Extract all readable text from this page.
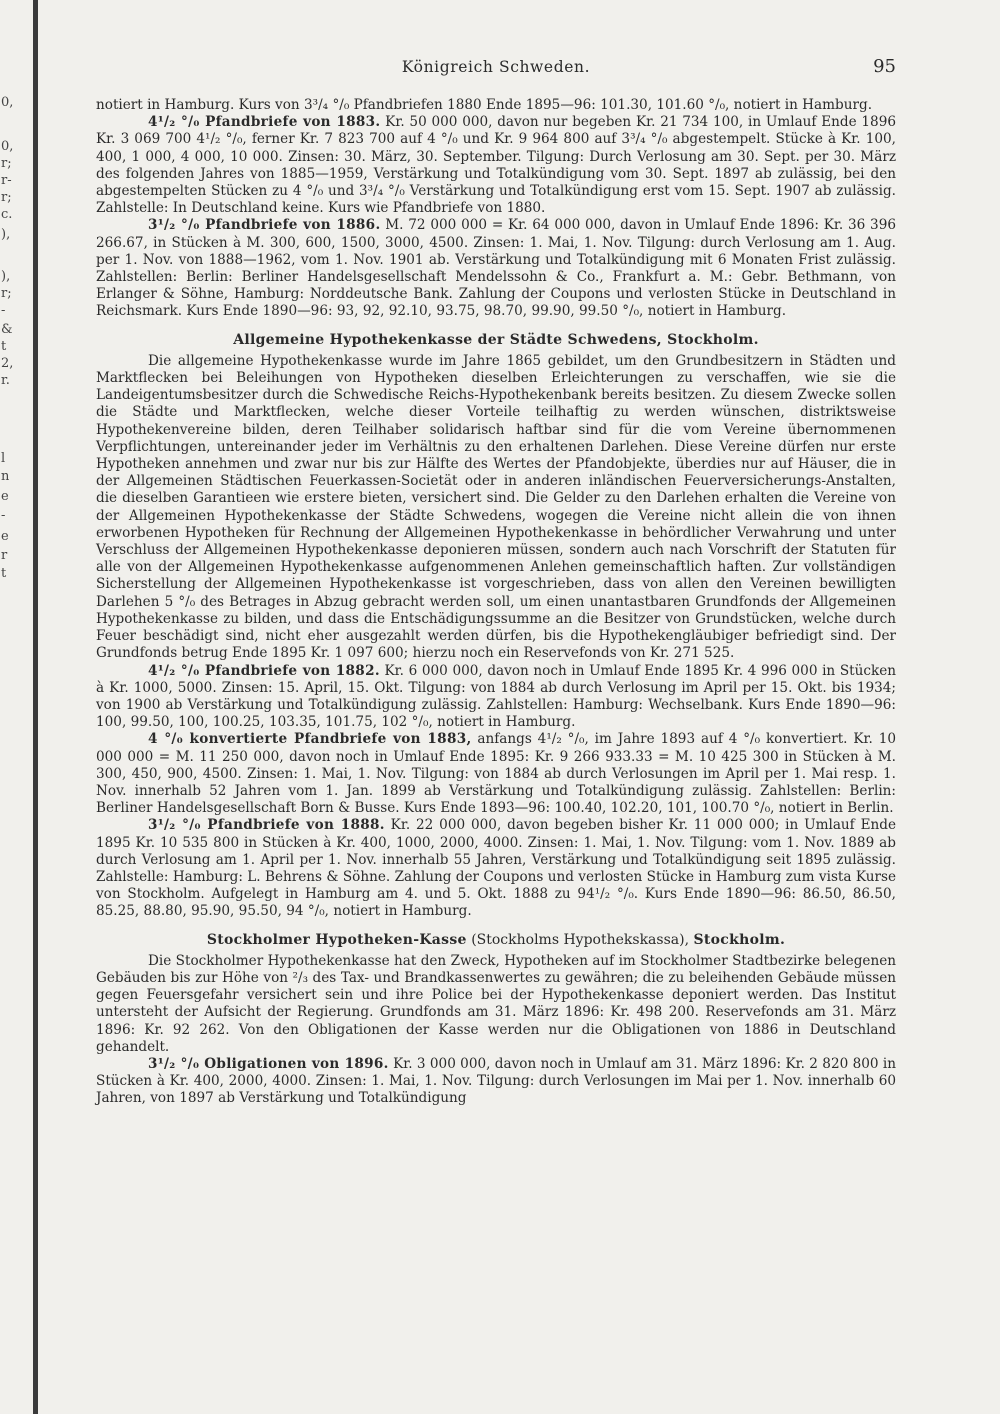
0,
0,
r;
r-
r;
c.
),
),
r;
-
&
t
2,
r.
l
n
e
-
e
r
t
Königreich Schweden.	95

notiert in Hamburg. Kurs von 3³/₄ °/₀ Pfandbriefen 1880 Ende 1895—96: 101.30, 101.60 °/₀, notiert in Hamburg.

4¹/₂ °/₀ Pfandbriefe von 1883. Kr. 50 000 000, davon nur begeben Kr. 21 734 100, in Umlauf Ende 1896 Kr. 3 069 700 4¹/₂ °/₀, ferner Kr. 7 823 700 auf 4 °/₀ und Kr. 9 964 800 auf 3³/₄ °/₀ abgestempelt. Stücke à Kr. 100, 400, 1 000, 4 000, 10 000. Zinsen: 30. März, 30. September. Tilgung: Durch Verlosung am 30. Sept. per 30. März des folgenden Jahres von 1885—1959, Verstärkung und Totalkündigung vom 30. Sept. 1897 ab zulässig, bei den abgestempelten Stücken zu 4 °/₀ und 3³/₄ °/₀ Verstärkung und Totalkündigung erst vom 15. Sept. 1907 ab zulässig. Zahlstelle: In Deutschland keine. Kurs wie Pfandbriefe von 1880.

3¹/₂ °/₀ Pfandbriefe von 1886. M. 72 000 000 = Kr. 64 000 000, davon in Umlauf Ende 1896: Kr. 36 396 266.67, in Stücken à M. 300, 600, 1500, 3000, 4500. Zinsen: 1. Mai, 1. Nov. Tilgung: durch Verlosung am 1. Aug. per 1. Nov. von 1888—1962, vom 1. Nov. 1901 ab. Verstärkung und Totalkündigung mit 6 Monaten Frist zulässig. Zahlstellen: Berlin: Berliner Handelsgesellschaft Mendelssohn & Co., Frankfurt a. M.: Gebr. Bethmann, von Erlanger & Söhne, Hamburg: Norddeutsche Bank. Zahlung der Coupons und verlosten Stücke in Deutschland in Reichsmark. Kurs Ende 1890—96: 93, 92, 92.10, 93.75, 98.70, 99.90, 99.50 °/₀, notiert in Hamburg.

Allgemeine Hypothekenkasse der Städte Schwedens, Stockholm.

Die allgemeine Hypothekenkasse wurde im Jahre 1865 gebildet, um den Grundbesitzern in Städten und Marktflecken bei Beleihungen von Hypotheken dieselben Erleichterungen zu verschaffen, wie sie die Landeigentumsbesitzer durch die Schwedische Reichs-Hypothekenbank bereits besitzen. Zu diesem Zwecke sollen die Städte und Marktflecken, welche dieser Vorteile teilhaftig zu werden wünschen, distriktsweise Hypothekenvereine bilden, deren Teilhaber solidarisch haftbar sind für die vom Vereine übernommenen Verpflichtungen, untereinander jeder im Verhältnis zu den erhaltenen Darlehen. Diese Vereine dürfen nur erste Hypotheken annehmen und zwar nur bis zur Hälfte des Wertes der Pfandobjekte, überdies nur auf Häuser, die in der Allgemeinen Städtischen Feuerkassen-Societät oder in anderen inländischen Feuerversicherungs-Anstalten, die dieselben Garantieen wie erstere bieten, versichert sind. Die Gelder zu den Darlehen erhalten die Vereine von der Allgemeinen Hypothekenkasse der Städte Schwedens, wogegen die Vereine nicht allein die von ihnen erworbenen Hypotheken für Rechnung der Allgemeinen Hypothekenkasse in behördlicher Verwahrung und unter Verschluss der Allgemeinen Hypothekenkasse deponieren müssen, sondern auch nach Vorschrift der Statuten für alle von der Allgemeinen Hypothekenkasse aufgenommenen Anlehen gemeinschaftlich haften. Zur vollständigen Sicherstellung der Allgemeinen Hypothekenkasse ist vorgeschrieben, dass von allen den Vereinen bewilligten Darlehen 5 °/₀ des Betrages in Abzug gebracht werden soll, um einen unantastbaren Grundfonds der Allgemeinen Hypothekenkasse zu bilden, und dass die Entschädigungssumme an die Besitzer von Grundstücken, welche durch Feuer beschädigt sind, nicht eher ausgezahlt werden dürfen, bis die Hypothekengläubiger befriedigt sind. Der Grundfonds betrug Ende 1895 Kr. 1 097 600; hierzu noch ein Reservefonds von Kr. 271 525.

4¹/₂ °/₀ Pfandbriefe von 1882. Kr. 6 000 000, davon noch in Umlauf Ende 1895 Kr. 4 996 000 in Stücken à Kr. 1000, 5000. Zinsen: 15. April, 15. Okt. Tilgung: von 1884 ab durch Verlosung im April per 15. Okt. bis 1934; von 1900 ab Verstärkung und Totalkündigung zulässig. Zahlstellen: Hamburg: Wechselbank. Kurs Ende 1890—96: 100, 99.50, 100, 100.25, 103.35, 101.75, 102 °/₀, notiert in Hamburg.

4 °/₀ konvertierte Pfandbriefe von 1883, anfangs 4¹/₂ °/₀, im Jahre 1893 auf 4 °/₀ konvertiert. Kr. 10 000 000 = M. 11 250 000, davon noch in Umlauf Ende 1895: Kr. 9 266 933.33 = M. 10 425 300 in Stücken à M. 300, 450, 900, 4500. Zinsen: 1. Mai, 1. Nov. Tilgung: von 1884 ab durch Verlosungen im April per 1. Mai resp. 1. Nov. innerhalb 52 Jahren vom 1. Jan. 1899 ab Verstärkung und Totalkündigung zulässig. Zahlstellen: Berlin: Berliner Handelsgesellschaft Born & Busse. Kurs Ende 1893—96: 100.40, 102.20, 101, 100.70 °/₀, notiert in Berlin.

3¹/₂ °/₀ Pfandbriefe von 1888. Kr. 22 000 000, davon begeben bisher Kr. 11 000 000; in Umlauf Ende 1895 Kr. 10 535 800 in Stücken à Kr. 400, 1000, 2000, 4000. Zinsen: 1. Mai, 1. Nov. Tilgung: vom 1. Nov. 1889 ab durch Verlosung am 1. April per 1. Nov. innerhalb 55 Jahren, Verstärkung und Totalkündigung seit 1895 zulässig. Zahlstelle: Hamburg: L. Behrens & Söhne. Zahlung der Coupons und verlosten Stücke in Hamburg zum vista Kurse von Stockholm. Aufgelegt in Hamburg am 4. und 5. Okt. 1888 zu 94¹/₂ °/₀. Kurs Ende 1890—96: 86.50, 86.50, 85.25, 88.80, 95.90, 95.50, 94 °/₀, notiert in Hamburg.

Stockholmer Hypotheken-Kasse (Stockholms Hypothekskassa), Stockholm.

Die Stockholmer Hypothekenkasse hat den Zweck, Hypotheken auf im Stockholmer Stadtbezirke belegenen Gebäuden bis zur Höhe von ²/₃ des Tax- und Brandkassenwertes zu gewähren; die zu beleihenden Gebäude müssen gegen Feuersgefahr versichert sein und ihre Police bei der Hypothekenkasse deponiert werden. Das Institut untersteht der Aufsicht der Regierung. Grundfonds am 31. März 1896: Kr. 498 200. Reservefonds am 31. März 1896: Kr. 92 262. Von den Obligationen der Kasse werden nur die Obligationen von 1886 in Deutschland gehandelt.

3¹/₂ °/₀ Obligationen von 1896. Kr. 3 000 000, davon noch in Umlauf am 31. März 1896: Kr. 2 820 800 in Stücken à Kr. 400, 2000, 4000. Zinsen: 1. Mai, 1. Nov. Tilgung: durch Verlosungen im Mai per 1. Nov. innerhalb 60 Jahren, von 1897 ab Verstärkung und Totalkündigung
